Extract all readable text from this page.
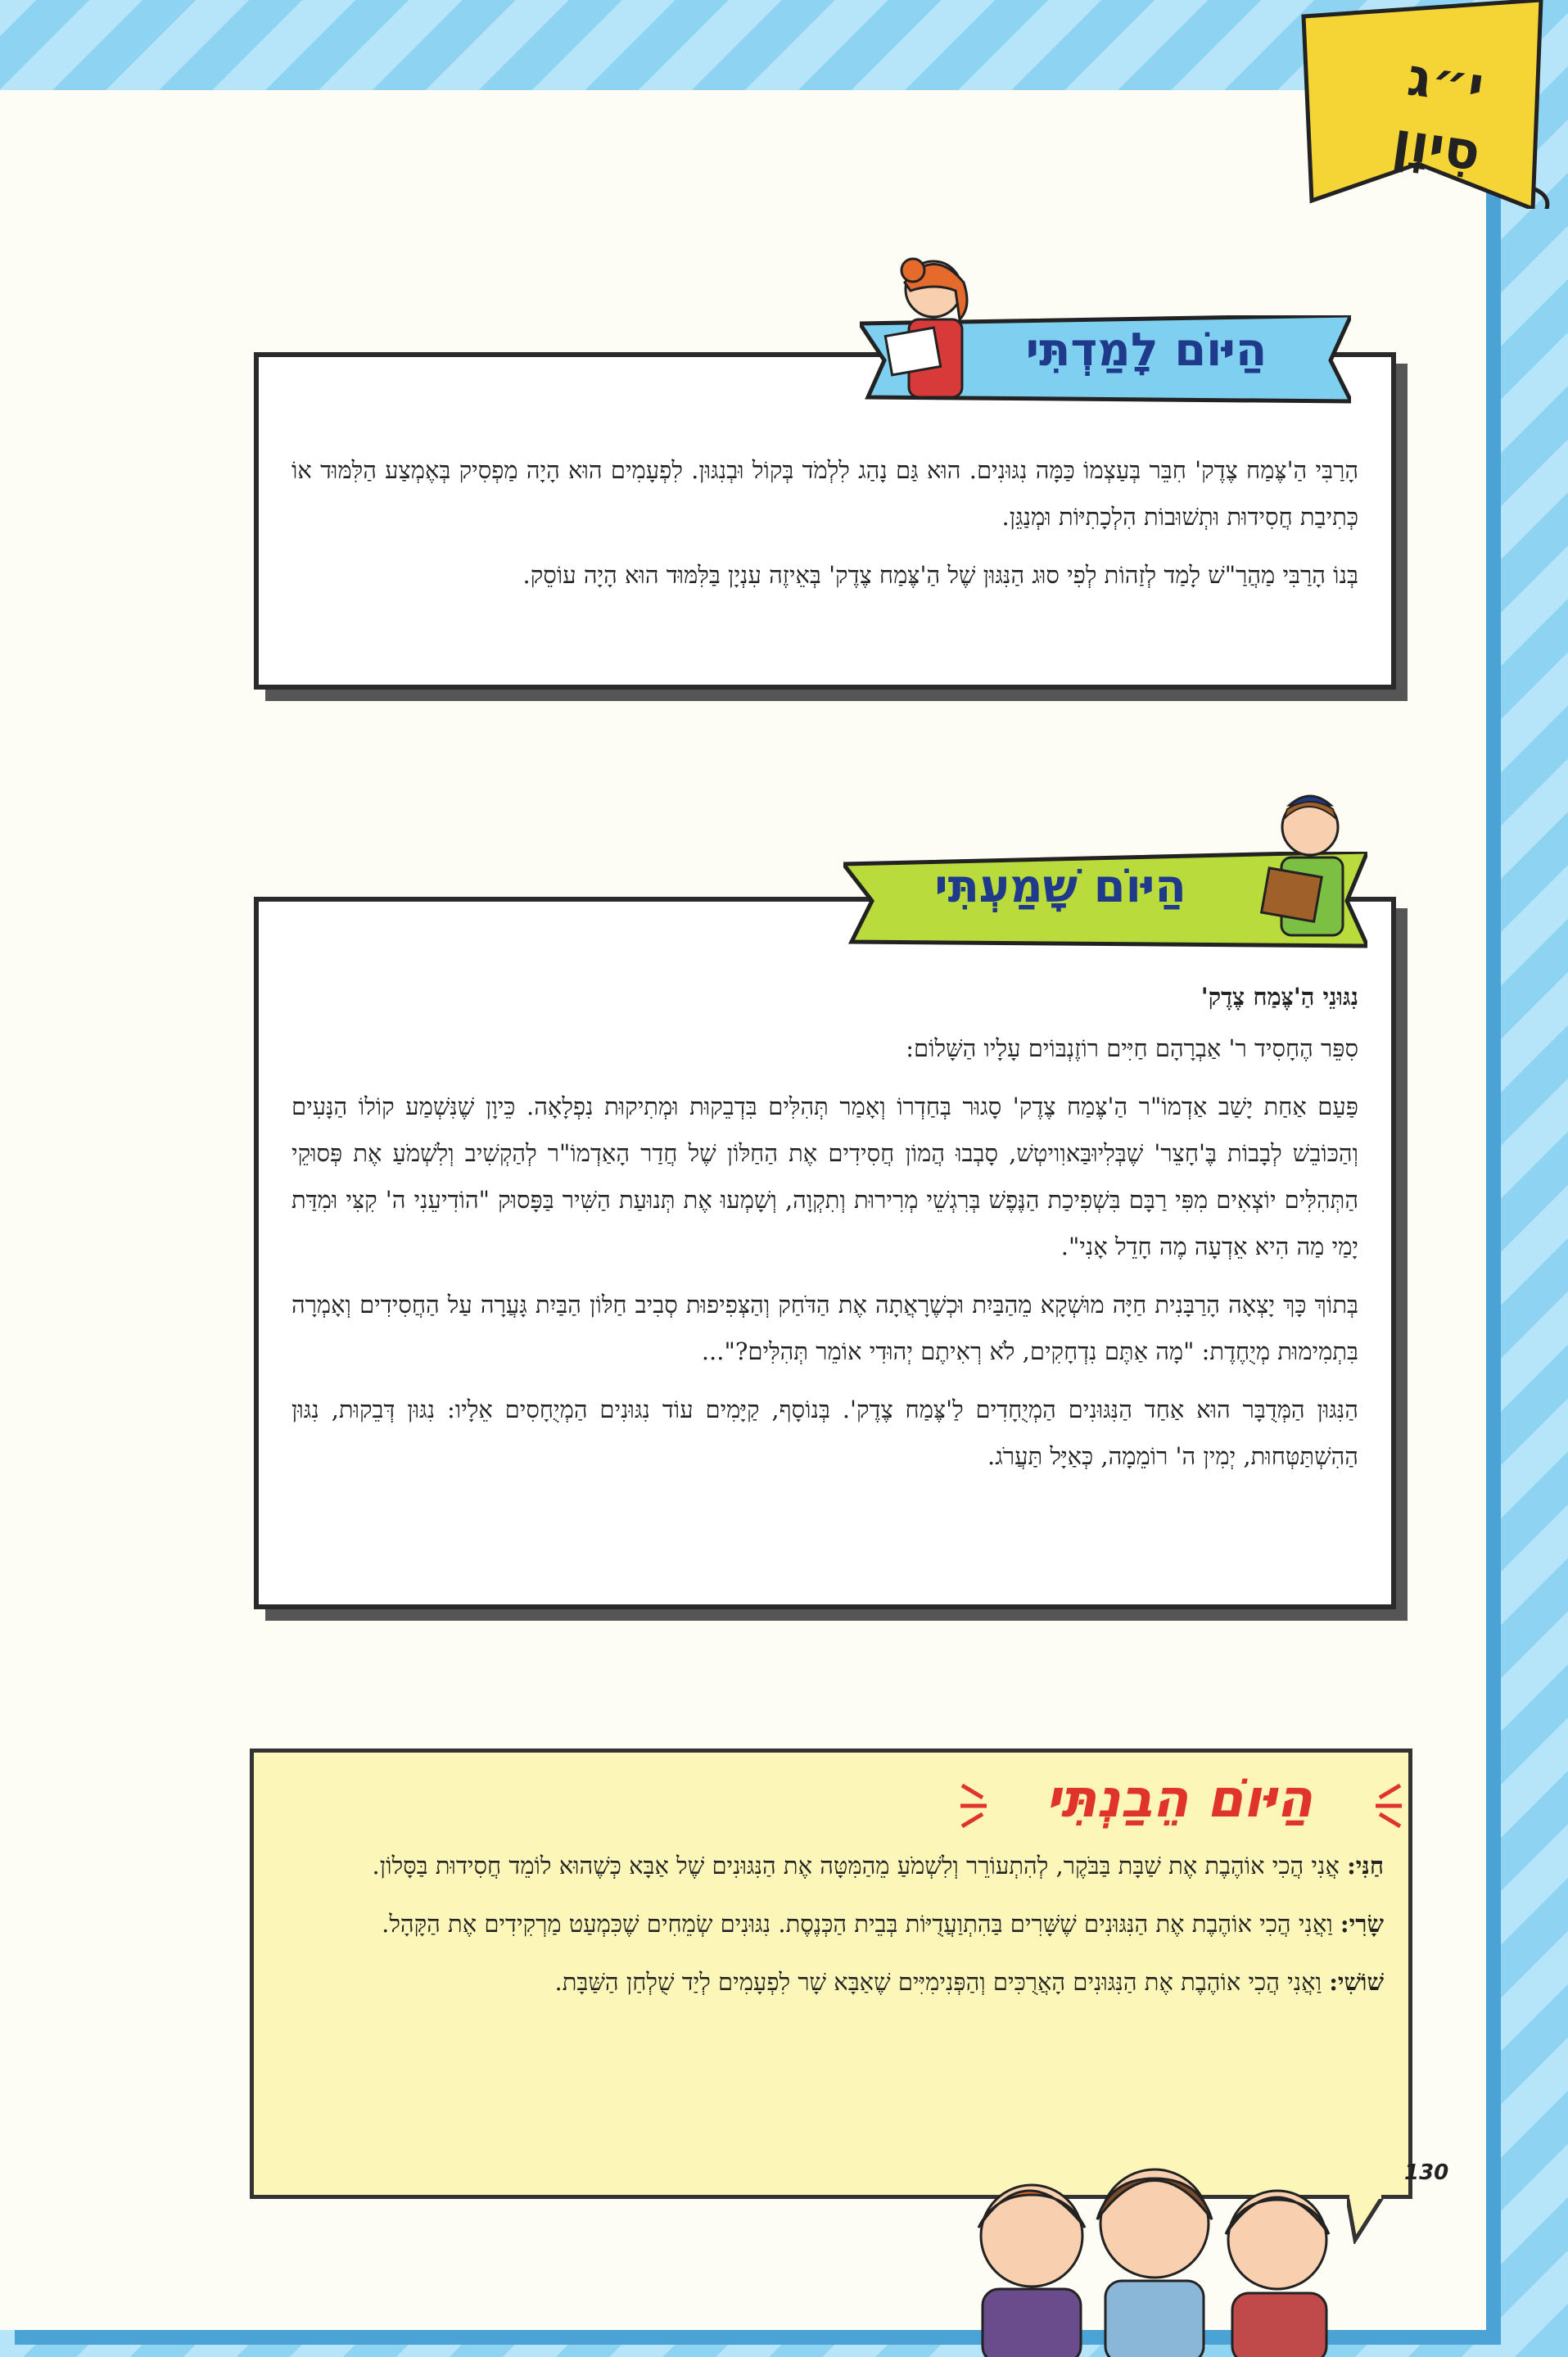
י״ג
סִיוָן
הַיּוֹם לָמַדְתִּי

הָרַבִּי הַ'צֶּמַח צֶדֶק' חִבֵּר בְּעַצְמוֹ כַּמָּה נִגּוּנִים. הוּא גַּם נָהַג לִלְמֹד בְּקוֹל וּבְנִגּוּן. לִפְעָמִים הוּא הָיָה מַפְסִיק בְּאֶמְצַע הַלִּמּוּד אוֹ כְּתִיבַת חֲסִידוּת וּתְשׁוּבוֹת הִלְכָתִיּוֹת וּמְנַגֵּן.

בְּנוֹ הָרַבִּי מַהֲרַ"שׁ לָמַד לְזַהוֹת לְפִי סוּג הַנִּגּוּן שֶׁל הַ'צֶּמַח צֶדֶק' בְּאֵיזֶה עִנְיָן בַּלִּמּוּד הוּא הָיָה עוֹסֵק.

הַיּוֹם שָׁמַעְתִּי

נִגּוּנֵי הַ'צֶּמַח צֶדֶק'

סִפֵּר הֶחָסִיד ר' אַבְרָהָם חַיִּים רוֹזֶנְבּוֹים עָלָיו הַשָּׁלוֹם:

פַּעַם אַחַת יָשַׁב אַדְמוֹ"ר הַ'צֶּמַח צֶדֶק' סָגוּר בְּחַדְרוֹ וְאָמַר תְּהִלִּים בִּדְבֵקוּת וּמְתִיקוּת נִפְלָאָה. כֵּיוָן שֶׁנִּשְׁמַע קוֹלוֹ הַנָּעִים וְהַכּוֹבֵשׁ לְבָבוֹת בֶּ'חָצֵר' שֶׁבְּלִיוּבַּאוִויטְשׁ, סָבְבוּ הֲמוֹן חֲסִידִים אֶת הַחַלּוֹן שֶׁל חֲדַר הָאַדְמוֹ"ר לְהַקְשִׁיב וְלִשְׁמֹעַ אֶת פְּסוּקֵי הַתְּהִלִּים יוֹצְאִים מִפִּי רַבָּם בִּשְׁפִיכַת הַנֶּפֶשׁ בְּרִגְשֵׁי מְרִירוּת וְתִקְוָה, וְשָׁמְעוּ אֶת תְּנוּעַת הַשִּׁיר בַּפָּסוּק "הוֹדִיעֵנִי ה' קִצִּי וּמִדַּת יָמַי מַה הִיא אֵדְעָה מֶה חָדֵל אָנִי".

בְּתוֹךְ כָּךְ יָצְאָה הָרַבָּנִית חַיָּה מוּשְׁקָא מֵהַבַּיִת וּכְשֶׁרָאֲתָה אֶת הַדֹּחַק וְהַצְּפִיפוּת סְבִיב חַלּוֹן הַבַּיִת גָּעֲרָה עַל הַחֲסִידִים וְאָמְרָה בִּתְמִימוּת מְיֻחֶדֶת: "מָה אַתֶּם נִדְחָקִים, לֹא רְאִיתֶם יְהוּדִי אוֹמֵר תְּהִלִּים?"...

הַנִּגּוּן הַמְּדֻבָּר הוּא אַחַד הַנִּגּוּנִים הַמְיֻחָדִים לַ'צֶּמַח צֶדֶק'. בְּנוֹסָף, קַיָּמִים עוֹד נִגּוּנִים הַמְיֻחָסִים אֵלָיו: נִגּוּן דְּבֵקוּת, נִגּוּן הַהִשְׁתַּטְּחוּת, יְמִין ה' רוֹמֵמָה, כְּאַיָּל תַּעֲרֹג.

חַנִּי: אֲנִי הֲכִי אוֹהֶבֶת אֶת שַׁבָּת בַּבֹּקֶר, לְהִתְעוֹרֵר וְלִשְׁמֹעַ מֵהַמִּטָּה אֶת הַנִּגּוּנִים שֶׁל אַבָּא כְּשֶׁהוּא לוֹמֵד חֲסִידוּת בַּסָּלוֹן.

שָׂרִי: וַאֲנִי הֲכִי אוֹהֶבֶת אֶת הַנִּגּוּנִים שֶׁשָּׁרִים בַּהִתְוַעֲדֻיּוֹת בְּבֵית הַכְּנֶסֶת. נִגּוּנִים שְׂמֵחִים שֶׁכִּמְעַט מַרְקִידִים אֶת הַקָּהָל.

שׁוֹשִׁי: וַאֲנִי הֲכִי אוֹהֶבֶת אֶת הַנִּגּוּנִים הָאֲרֻכִּים וְהַפְּנִימִיִּים שֶׁאַבָּא שָׁר לִפְעָמִים לְיַד שֻׁלְחַן הַשַּׁבָּת.

הַיּוֹם הֵבַנְתִּי
130
